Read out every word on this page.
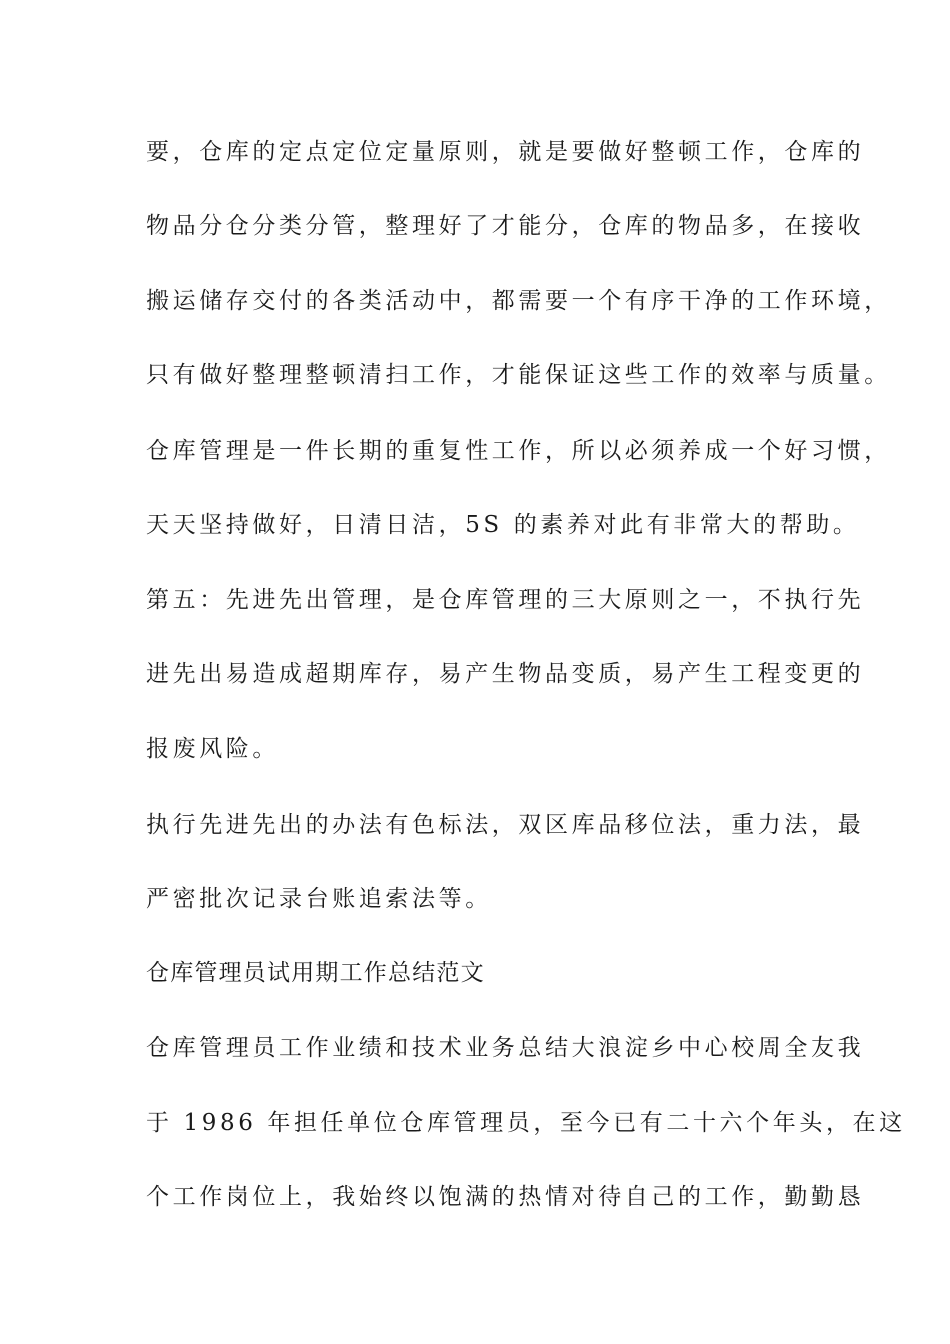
要，仓库的定点定位定量原则，就是要做好整顿工作，仓库的
物品分仓分类分管，整理好了才能分，仓库的物品多，在接收
搬运储存交付的各类活动中，都需要一个有序干净的工作环境，
只有做好整理整顿清扫工作，才能保证这些工作的效率与质量。
仓库管理是一件长期的重复性工作，所以必须养成一个好习惯，
天天坚持做好，日清日洁，5S 的素养对此有非常大的帮助。
第五：先进先出管理，是仓库管理的三大原则之一，不执行先
进先出易造成超期库存，易产生物品变质，易产生工程变更的
报废风险。
执行先进先出的办法有色标法，双区库品移位法，重力法，最
严密批次记录台账追索法等。
仓库管理员试用期工作总结范文
仓库管理员工作业绩和技术业务总结大浪淀乡中心校周全友我
于 1986 年担任单位仓库管理员，至今已有二十六个年头，在这
个工作岗位上，我始终以饱满的热情对待自己的工作，勤勤恳
